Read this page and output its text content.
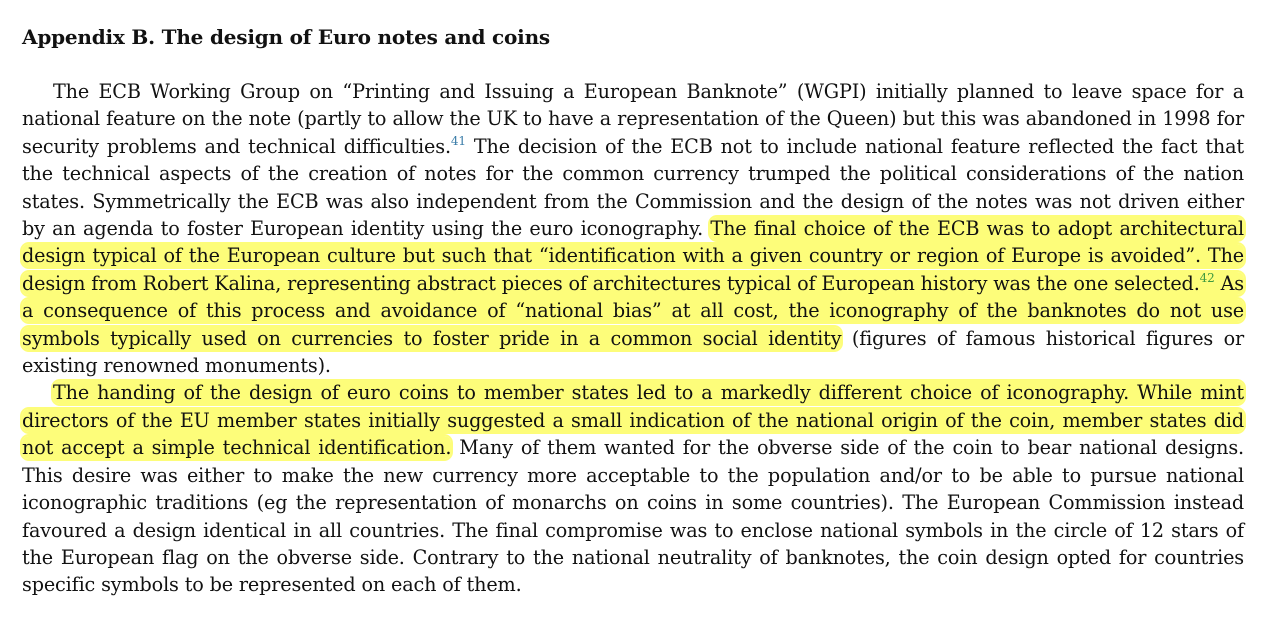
Appendix B. The design of Euro notes and coins

The ECB Working Group on “Printing and Issuing a European Banknote” (WGPI) initially planned to leave space for a national feature on the note (partly to allow the UK to have a representation of the Queen) but this was abandoned in 1998 for security problems and technical difficulties.$^{41}$ The decision of the ECB not to include national feature reflected the fact that the technical aspects of the creation of notes for the common currency trumped the political considerations of the nation states. Symmetrically the ECB was also independent from the Commission and the design of the notes was not driven either by an agenda to foster European identity using the euro iconography. The final choice of the ECB was to adopt architectural design typical of the European culture but such that “identification with a given country or region of Europe is avoided”. The design from Robert Kalina, representing abstract pieces of architectures typical of European history was the one selected.$^{42}$ As a consequence of this process and avoidance of “national bias” at all cost, the iconography of the banknotes do not use symbols typically used on currencies to foster pride in a common social identity (figures of famous historical figures or existing renowned monuments).

The handing of the design of euro coins to member states led to a markedly different choice of iconography. While mint directors of the EU member states initially suggested a small indication of the national origin of the coin, member states did not accept a simple technical identification. Many of them wanted for the obverse side of the coin to bear national designs. This desire was either to make the new currency more acceptable to the population and/or to be able to pursue national iconographic traditions (eg the representation of monarchs on coins in some countries). The European Commission instead favoured a design identical in all countries. The final compromise was to enclose national symbols in the circle of 12 stars of the European flag on the obverse side. Contrary to the national neutrality of banknotes, the coin design opted for countries specific symbols to be represented on each of them.
